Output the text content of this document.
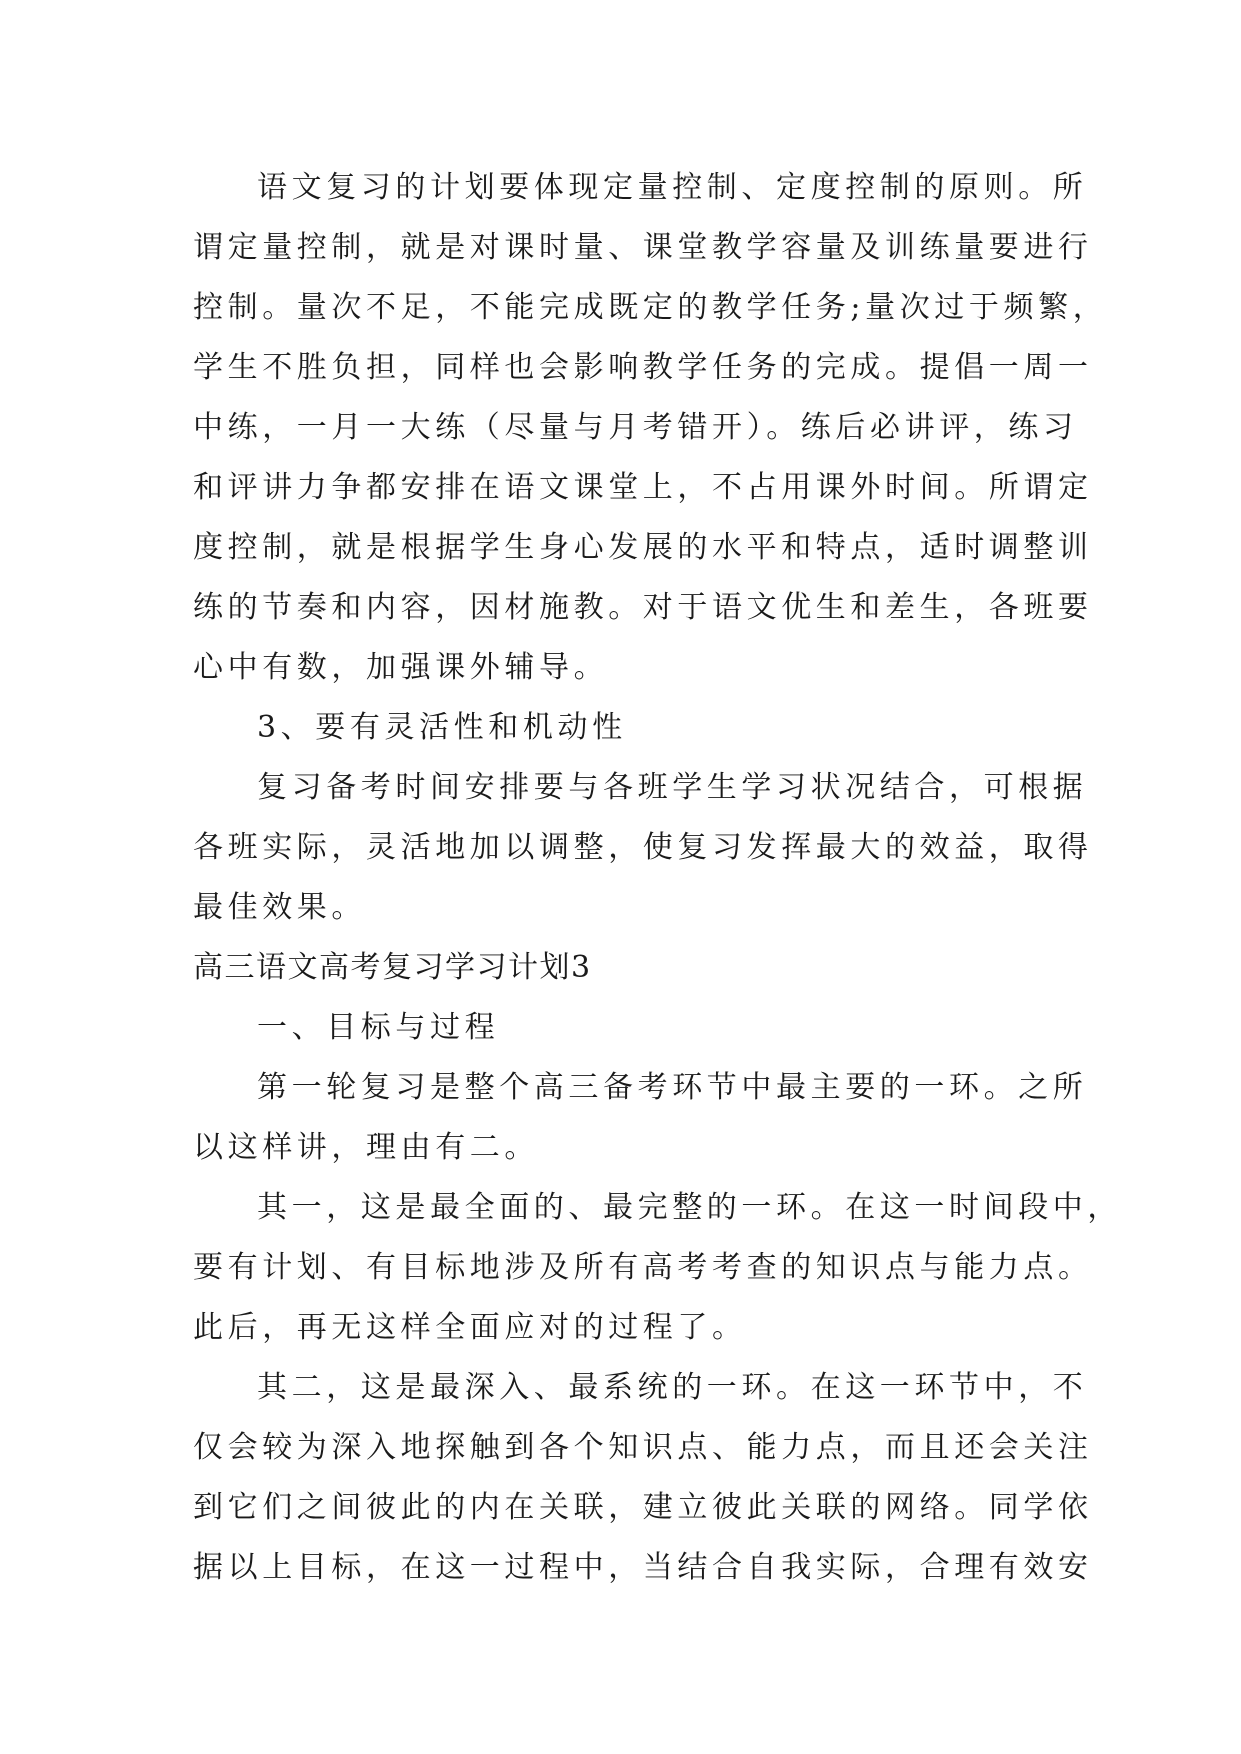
语文复习的计划要体现定量控制、定度控制的原则。所
谓定量控制，就是对课时量、课堂教学容量及训练量要进行
控制。量次不足，不能完成既定的教学任务;量次过于频繁，
学生不胜负担，同样也会影响教学任务的完成。提倡一周一
中练，一月一大练（尽量与月考错开）。练后必讲评，练习
和评讲力争都安排在语文课堂上，不占用课外时间。所谓定
度控制，就是根据学生身心发展的水平和特点，适时调整训
练的节奏和内容，因材施教。对于语文优生和差生，各班要
心中有数，加强课外辅导。
3、要有灵活性和机动性
复习备考时间安排要与各班学生学习状况结合，可根据
各班实际，灵活地加以调整，使复习发挥最大的效益，取得
最佳效果。
高三语文高考复习学习计划3
一、目标与过程
第一轮复习是整个高三备考环节中最主要的一环。之所
以这样讲，理由有二。
其一，这是最全面的、最完整的一环。在这一时间段中，
要有计划、有目标地涉及所有高考考查的知识点与能力点。
此后，再无这样全面应对的过程了。
其二，这是最深入、最系统的一环。在这一环节中，不
仅会较为深入地探触到各个知识点、能力点，而且还会关注
到它们之间彼此的内在关联，建立彼此关联的网络。同学依
据以上目标，在这一过程中，当结合自我实际，合理有效安
